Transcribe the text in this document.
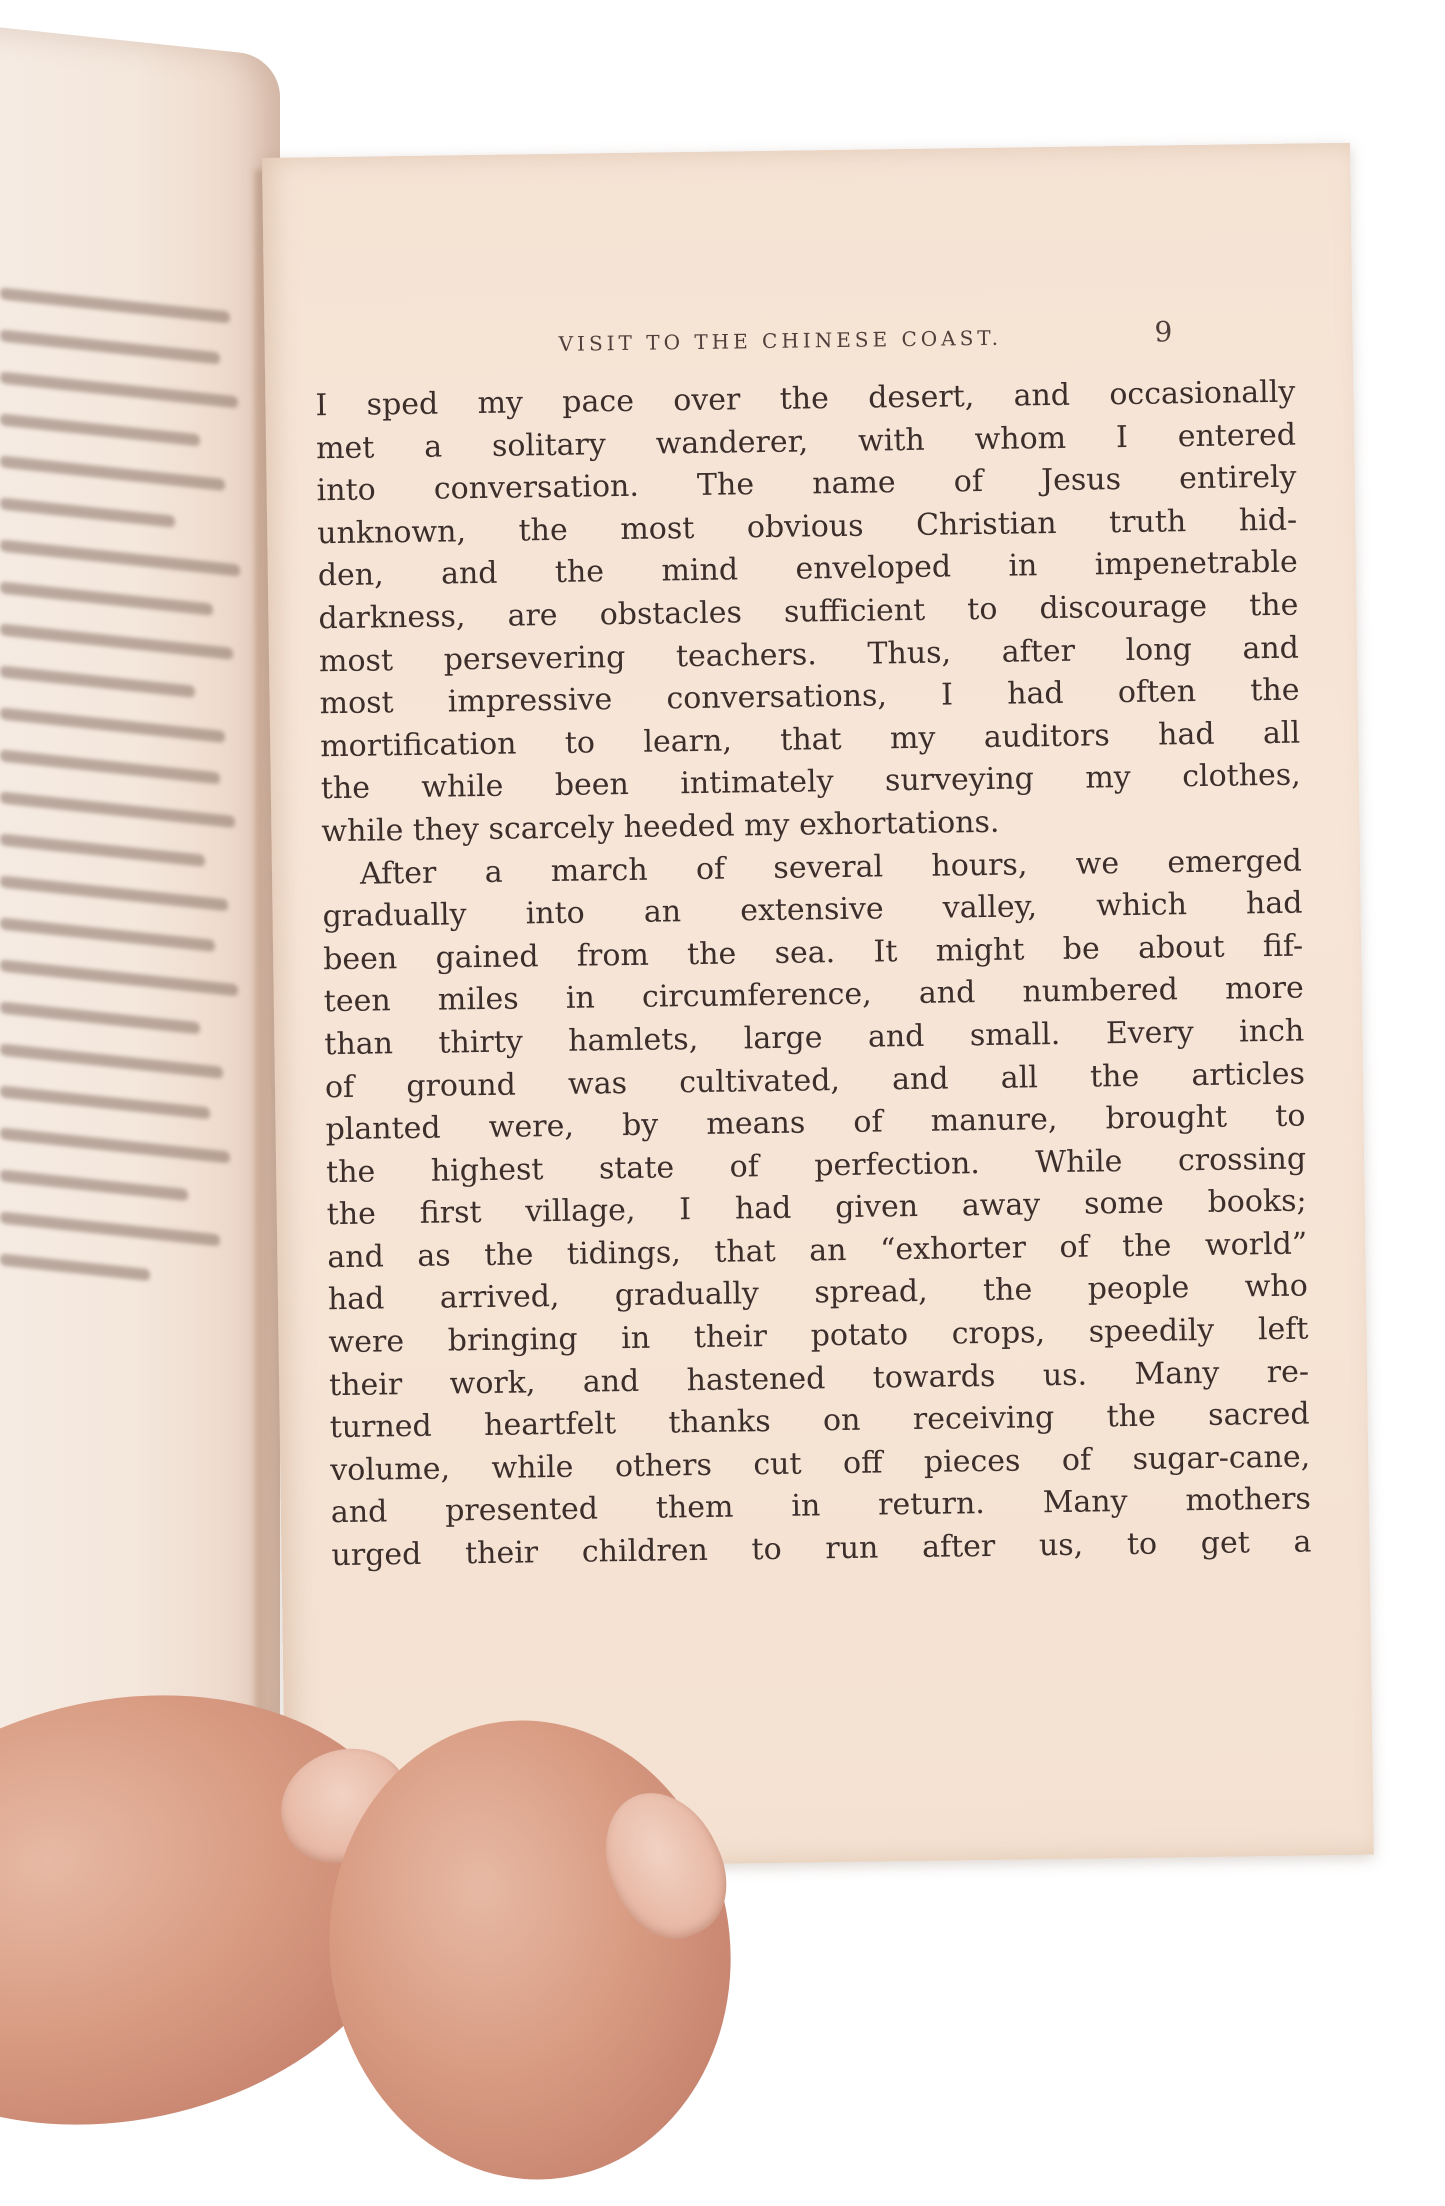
VISIT TO THE CHINESE COAST.	9
I sped my pace over the desert, and occasionally
met a solitary wanderer, with whom I entered
into conversation. The name of Jesus entirely
unknown, the most obvious Christian truth hid-
den, and the mind enveloped in impenetrable
darkness, are obstacles sufficient to discourage the
most persevering teachers. Thus, after long and
most impressive conversations, I had often the
mortification to learn, that my auditors had all
the while been intimately surveying my clothes,
while
they
scarcely
heeded
my
exhortations.
After a march of several hours, we emerged
gradually into an extensive valley, which had
been gained from the sea. It might be about fif-
teen miles in circumference, and numbered more
than thirty hamlets, large and small. Every inch
of ground was cultivated, and all the articles
planted were, by means of manure, brought to
the highest state of perfection. While crossing
the first village, I had given away some books;
and as the tidings, that an “exhorter of the world”
had arrived, gradually spread, the people who
were bringing in their potato crops, speedily left
their work, and hastened towards us. Many re-
turned heartfelt thanks on receiving the sacred
volume, while others cut off pieces of sugar-cane,
and presented them in return. Many mothers
urged their children to run after us, to get a
